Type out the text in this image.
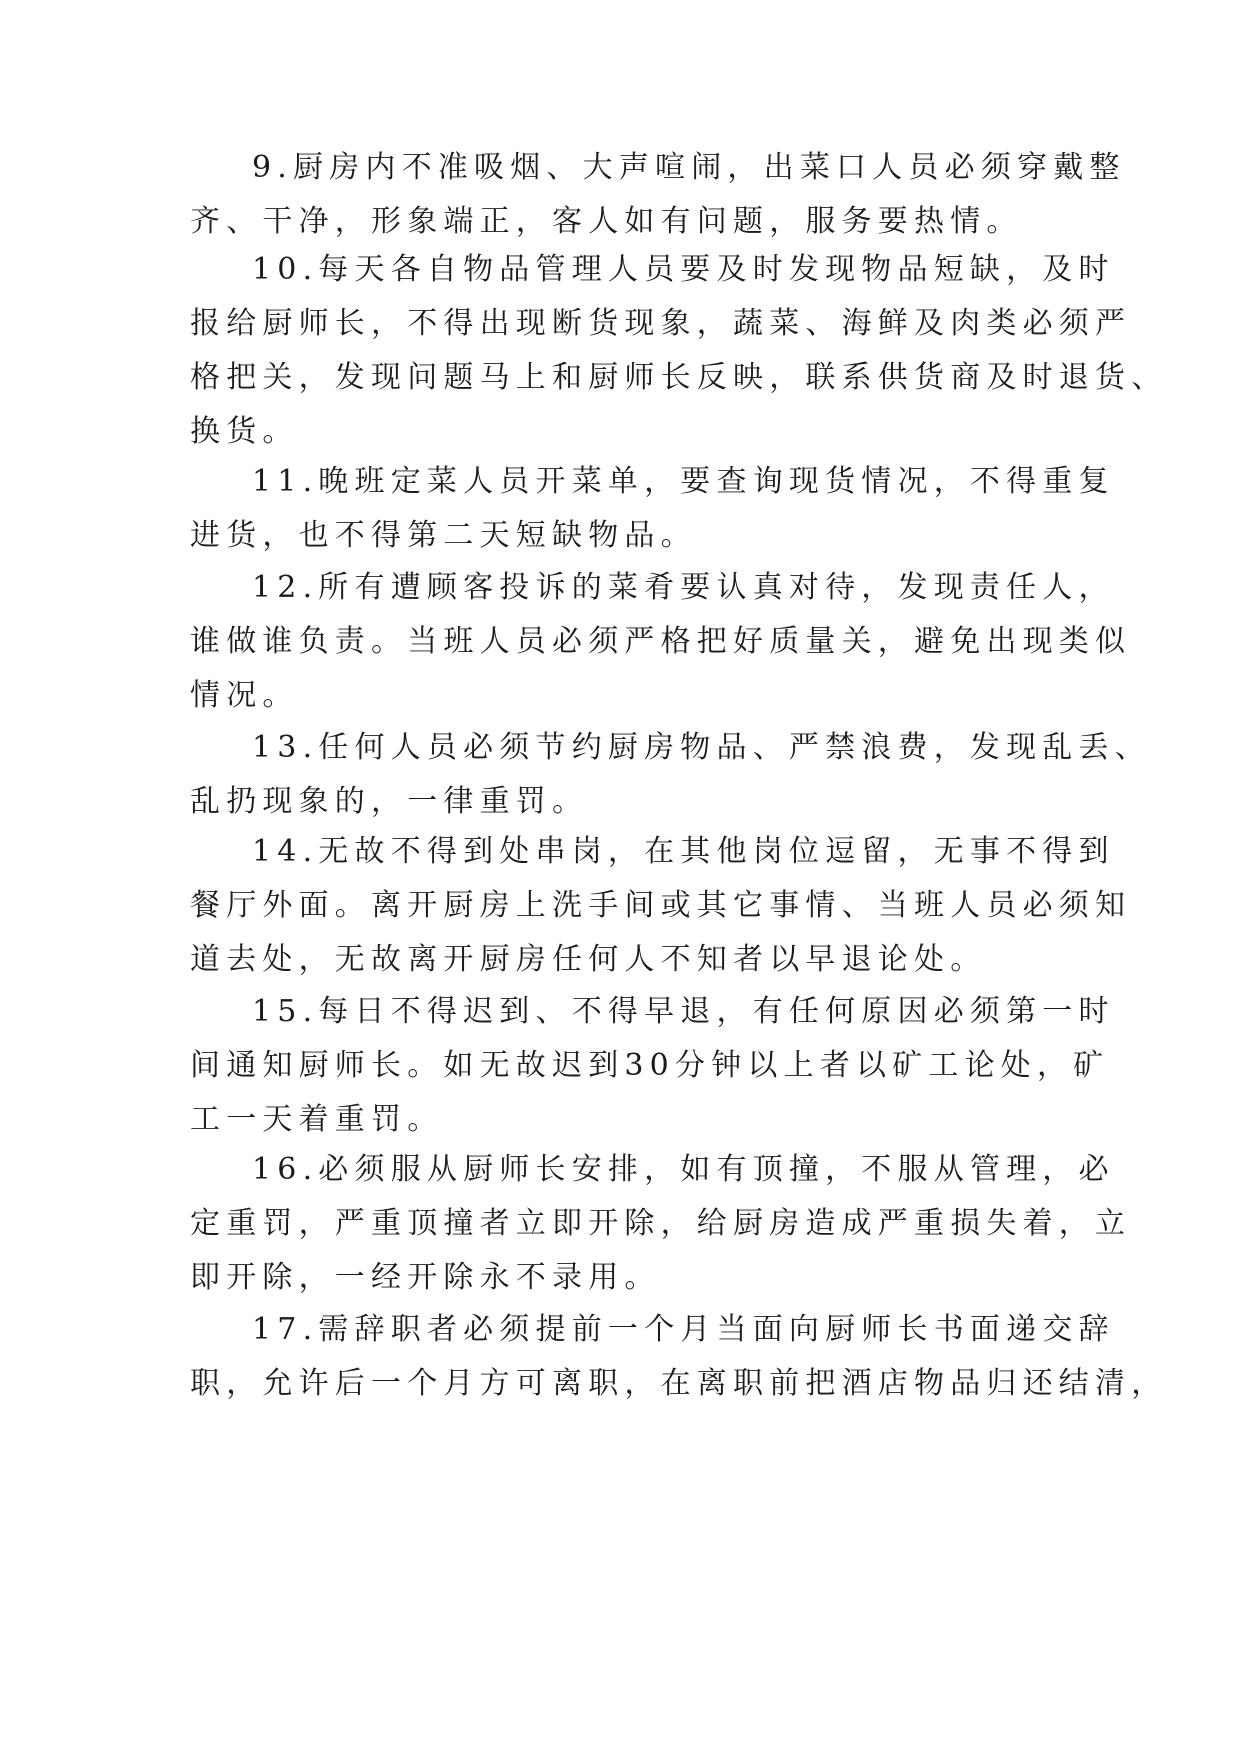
9.厨房内不准吸烟、大声喧闹，出菜口人员必须穿戴整
齐、干净，形象端正，客人如有问题，服务要热情。
10.每天各自物品管理人员要及时发现物品短缺，及时
报给厨师长，不得出现断货现象，蔬菜、海鲜及肉类必须严
格把关，发现问题马上和厨师长反映，联系供货商及时退货、
换货。
11.晚班定菜人员开菜单，要查询现货情况，不得重复
进货，也不得第二天短缺物品。
12.所有遭顾客投诉的菜肴要认真对待，发现责任人，
谁做谁负责。当班人员必须严格把好质量关，避免出现类似
情况。
13.任何人员必须节约厨房物品、严禁浪费，发现乱丢、
乱扔现象的，一律重罚。
14.无故不得到处串岗，在其他岗位逗留，无事不得到
餐厅外面。离开厨房上洗手间或其它事情、当班人员必须知
道去处，无故离开厨房任何人不知者以早退论处。
15.每日不得迟到、不得早退，有任何原因必须第一时
间通知厨师长。如无故迟到30分钟以上者以矿工论处，矿
工一天着重罚。
16.必须服从厨师长安排，如有顶撞，不服从管理，必
定重罚，严重顶撞者立即开除，给厨房造成严重损失着，立
即开除，一经开除永不录用。
17.需辞职者必须提前一个月当面向厨师长书面递交辞
职，允许后一个月方可离职，在离职前把酒店物品归还结清，
